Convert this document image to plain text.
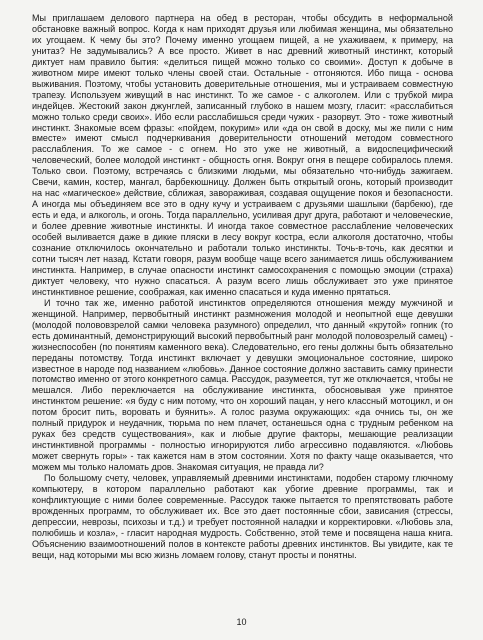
Мы приглашаем делового партнера на обед в ресторан, чтобы обсудить в неформальной обстановке важный вопрос. Когда к нам приходят друзья или любимая женщина, мы обязательно их угощаем. К чему бы это? Почему именно угощаем пищей, а не ухаживаем, к примеру, на унитаз? Не задумывались? А все просто. Живет в нас древний животный инстинкт, который диктует нам правило бытия: «делиться пищей можно только со своими». Доступ к добыче в животном мире имеют только члены своей стаи. Остальные - отгоняются. Ибо пища - основа выживания. Поэтому, чтобы установить доверительные отношения, мы и устраиваем совместную трапезу. Используем живущий в нас инстинкт. То же самое - с алкоголем. Или с трубкой мира индейцев. Жестокий закон джунглей, записанный глубоко в нашем мозгу, гласит: «расслабиться можно только среди своих». Ибо если расслабишься среди чужих - разорвут. Это - тоже животный инстинкт. Знакомые всем фразы: «пойдем, покурим» или «да он свой в доску, мы же пили с ним вместе» имеют смысл подчеркивания доверительности отношений методом совместного расслабления. То же самое - с огнем. Но это уже не животный, а видоспецифический человеческий, более молодой инстинкт - общность огня. Вокруг огня в пещере собиралось племя. Только свои. Поэтому, встречаясь с близкими людьми, мы обязательно что-нибудь зажигаем. Свечи, камин, костер, мангал, барбекюшницу. Должен быть открытый огонь, который производит на нас «магическое» действие, сближая, завораживая, создавая ощущение покоя и безопасности. А иногда мы объединяем все это в одну кучу и устраиваем с друзьями шашлыки (барбекю), где есть и еда, и алкоголь, и огонь. Тогда параллельно, усиливая друг друга, работают и человеческие, и более древние животные инстинкты. И иногда такое совместное расслабление человеческих особей выливается даже в дикие пляски в лесу вокруг костра, если алкоголя достаточно, чтобы сознание отключилось окончательно и работали только инстинкты. Точь-в-точь, как десятки и сотни тысяч лет назад. Кстати говоря, разум вообще чаще всего занимается лишь обслуживанием инстинкта. Например, в случае опасности инстинкт самосохранения с помощью эмоции (страха) диктует человеку, что нужно спасаться. А разум всего лишь обслуживает это уже принятое инстинктивное решение, соображая, как именно спасаться и куда именно прятаться.

И точно так же, именно работой инстинктов определяются отношения между мужчиной и женщиной. Например, первобытный инстинкт размножения молодой и неопытной еще девушки (молодой полововзрелой самки человека разумного) определил, что данный «крутой» гопник (то есть доминантный, демонстрирующий высокий первобытный ранг молодой половозрелый самец) - жизнеспособен (по понятиям каменного века). Следовательно, его гены должны быть обязательно переданы потомству. Тогда инстинкт включает у девушки эмоциональное состояние, широко известное в народе под названием «любовь». Данное состояние должно заставить самку принести потомство именно от этого конкретного самца. Рассудок, разумеется, тут же отключается, чтобы не мешался. Либо переключается на обслуживание инстинкта, обосновывая уже принятое инстинктом решение: «я буду с ним потому, что он хороший пацан, у него классный мотоцикл, и он потом бросит пить, воровать и буянить». А голос разума окружающих: «да очнись ты, он же полный придурок и неудачник, тюрьма по нем плачет, останешься одна с трудным ребенком на руках без средств существования», как и любые другие факторы, мешающие реализации инстинктивной программы - полностью игнорируются либо агрессивно подавляются. «Любовь может свернуть горы» - так кажется нам в этом состоянии. Хотя по факту чаще оказывается, что можем мы только наломать дров. Знакомая ситуация, не правда ли?

По большому счету, человек, управляемый древними инстинктами, подобен старому глючному компьютеру, в котором параллельно работают как убогие древние программы, так и конфликтующие с ними более современные. Рассудок также пытается то препятствовать работе врожденных программ, то обслуживает их. Все это дает постоянные сбои, зависания (стрессы, депрессии, неврозы, психозы и т.д.) и требует постоянной наладки и корректировки. «Любовь зла, полюбишь и козла», - гласит народная мудрость. Собственно, этой теме и посвящена наша книга. Объяснению взаимоотношений полов в контексте работы древних инстинктов. Вы увидите, как те вещи, над которыми мы всю жизнь ломаем голову, станут просты и понятны.

10
